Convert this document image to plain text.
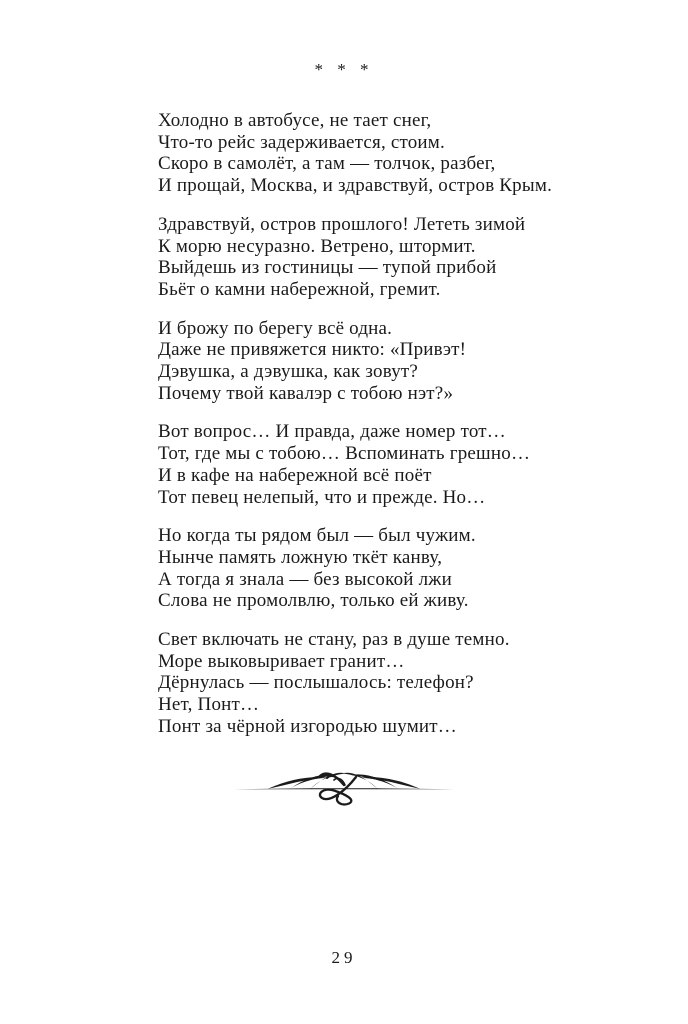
* * *

Холодно в автобусе, не тает снег,

Что-то рейс задерживается, стоим.

Скоро в самолёт, а там — толчок, разбег,

И прощай, Москва, и здравствуй, остров Крым.

Здравствуй, остров прошлого! Лететь зимой

К морю несуразно. Ветрено, штормит.

Выйдешь из гостиницы — тупой прибой

Бьёт о камни набережной, гремит.

И брожу по берегу всё одна.

Даже не привяжется никто: «Привэт!

Дэвушка, а дэвушка, как зовут?

Почему твой кавалэр с тобою нэт?»

Вот вопрос… И правда, даже номер тот…

Тот, где мы с тобою… Вспоминать грешно…

И в кафе на набережной всё поёт

Тот певец нелепый, что и прежде. Но…

Но когда ты рядом был — был чужим.

Нынче память ложную ткёт канву,

А тогда я знала — без высокой лжи

Слова не промолвлю, только ей живу.

Свет включать не стану, раз в душе темно.

Море выковыривает гранит…

Дёрнулась — послышалось: телефон?

Нет, Понт…

Понт за чёрной изгородью шумит…

29
